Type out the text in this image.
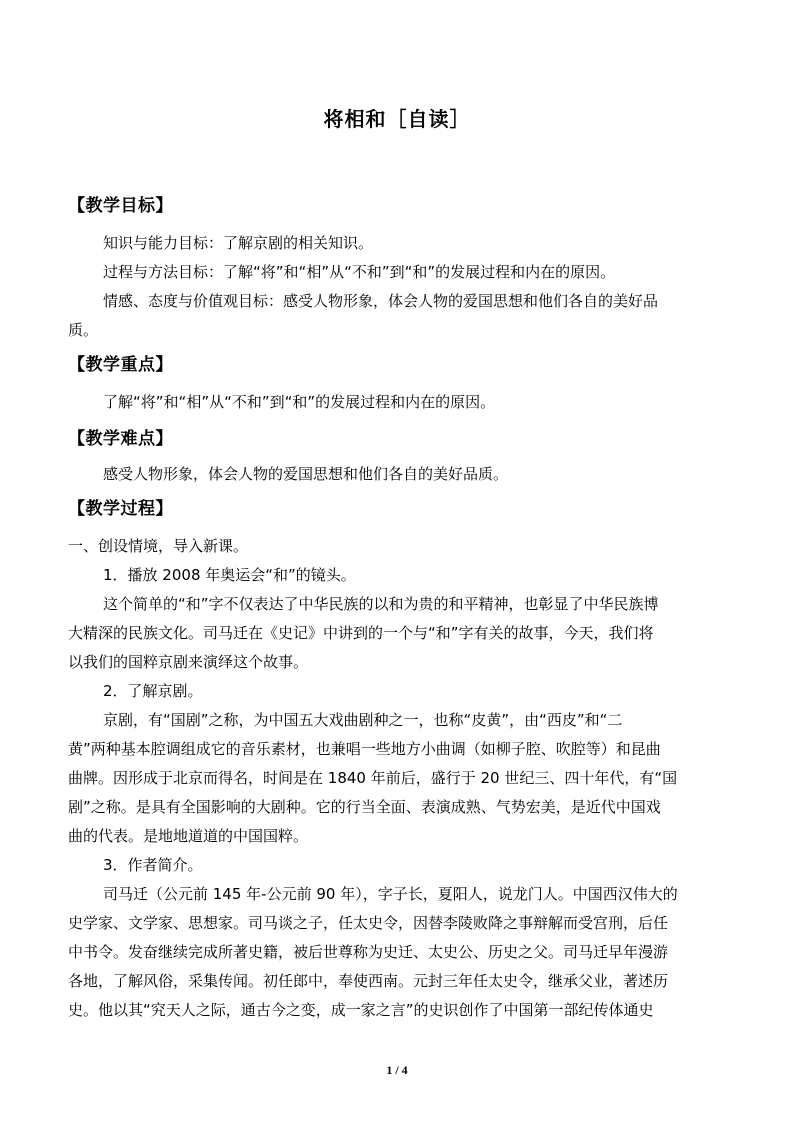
将相和［自读］
【教学目标】
知识与能力目标：了解京剧的相关知识。
过程与方法目标：了解“将”和“相”从“不和”到“和”的发展过程和内在的原因。
情感、态度与价值观目标：感受人物形象，体会人物的爱国思想和他们各自的美好品
质。
【教学重点】
了解“将”和“相”从“不和”到“和”的发展过程和内在的原因。
【教学难点】
感受人物形象，体会人物的爱国思想和他们各自的美好品质。
【教学过程】
一、创设情境，导入新课。
1．播放 2008 年奥运会“和”的镜头。
这个简单的“和”字不仅表达了中华民族的以和为贵的和平精神，也彰显了中华民族博
大精深的民族文化。司马迁在《史记》中讲到的一个与“和”字有关的故事，今天，我们将
以我们的国粹京剧来演绎这个故事。
2．了解京剧。
京剧，有“国剧”之称，为中国五大戏曲剧种之一，也称“皮黄”，由“西皮”和“二
黄”两种基本腔调组成它的音乐素材，也兼唱一些地方小曲调（如柳子腔、吹腔等）和昆曲
曲牌。因形成于北京而得名，时间是在 1840 年前后，盛行于 20 世纪三、四十年代，有“国
剧”之称。是具有全国影响的大剧种。它的行当全面、表演成熟、气势宏美，是近代中国戏
曲的代表。是地地道道的中国国粹。
3．作者简介。
司马迁（公元前 145 年-公元前 90 年），字子长，夏阳人，说龙门人。中国西汉伟大的
史学家、文学家、思想家。司马谈之子，任太史令，因替李陵败降之事辩解而受宫刑，后任
中书令。发奋继续完成所著史籍，被后世尊称为史迁、太史公、历史之父。司马迁早年漫游
各地，了解风俗，采集传闻。初任郎中，奉使西南。元封三年任太史令，继承父业，著述历
史。他以其“究天人之际，通古今之变，成一家之言”的史识创作了中国第一部纪传体通史
1 / 4
